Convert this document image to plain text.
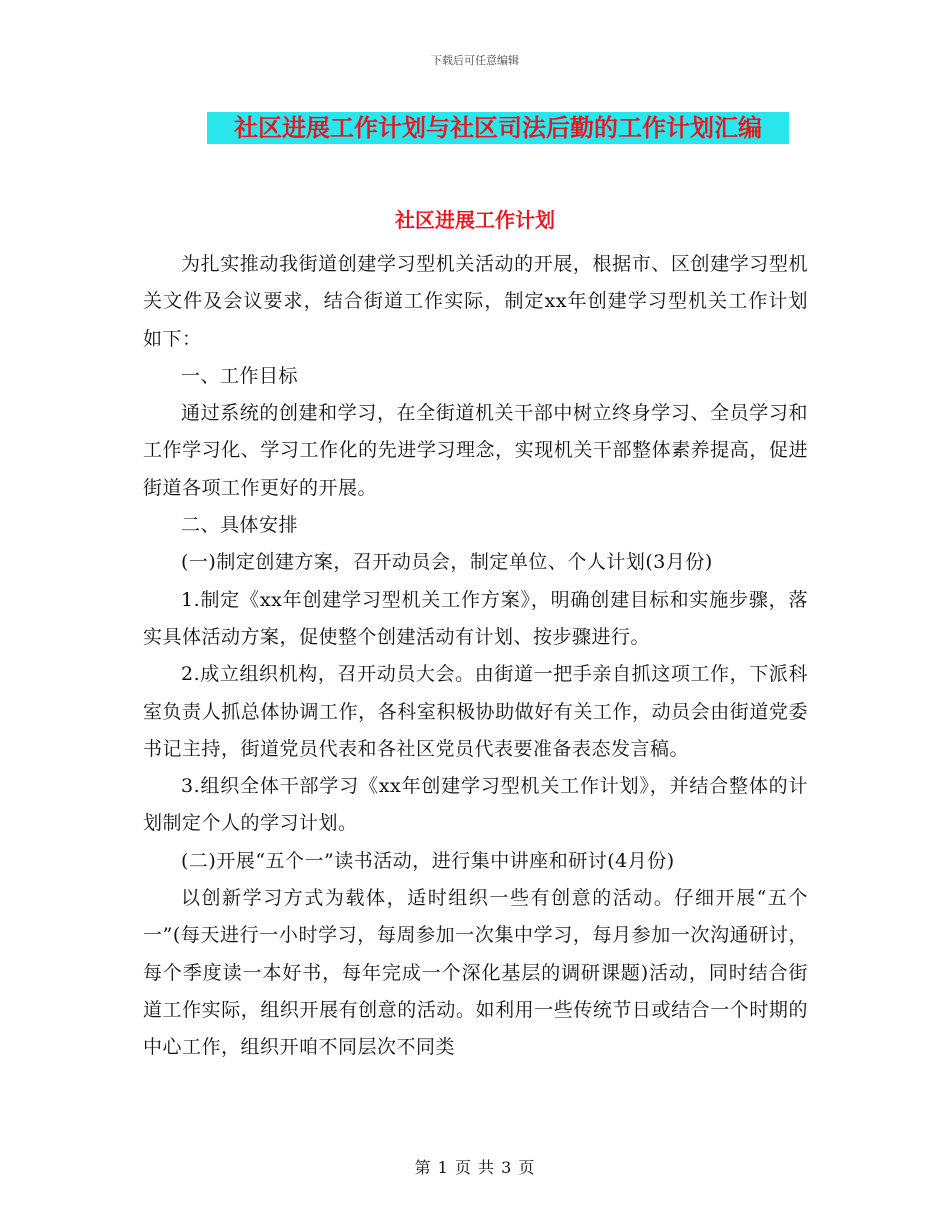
下载后可任意编辑
社区进展工作计划与社区司法后勤的工作计划汇编
社区进展工作计划

为扎实推动我街道创建学习型机关活动的开展，根据市、区创建学习型机关文件及会议要求，结合街道工作实际，制定xx年创建学习型机关工作计划如下：

一、工作目标

通过系统的创建和学习，在全街道机关干部中树立终身学习、全员学习和工作学习化、学习工作化的先进学习理念，实现机关干部整体素养提高，促进街道各项工作更好的开展。

二、具体安排

(一)制定创建方案，召开动员会，制定单位、个人计划(3月份)

1.制定《xx年创建学习型机关工作方案》，明确创建目标和实施步骤，落实具体活动方案，促使整个创建活动有计划、按步骤进行。

2.成立组织机构，召开动员大会。由街道一把手亲自抓这项工作，下派科室负责人抓总体协调工作，各科室积极协助做好有关工作，动员会由街道党委书记主持，街道党员代表和各社区党员代表要准备表态发言稿。

3.组织全体干部学习《xx年创建学习型机关工作计划》，并结合整体的计划制定个人的学习计划。

(二)开展“五个一”读书活动，进行集中讲座和研讨(4月份)

以创新学习方式为载体，适时组织一些有创意的活动。仔细开展“五个一”(每天进行一小时学习，每周参加一次集中学习，每月参加一次沟通研讨，每个季度读一本好书，每年完成一个深化基层的调研课题)活动，同时结合街道工作实际，组织开展有创意的活动。如利用一些传统节日或结合一个时期的中心工作，组织开咱不同层次不同类

第 1 页 共 3 页
